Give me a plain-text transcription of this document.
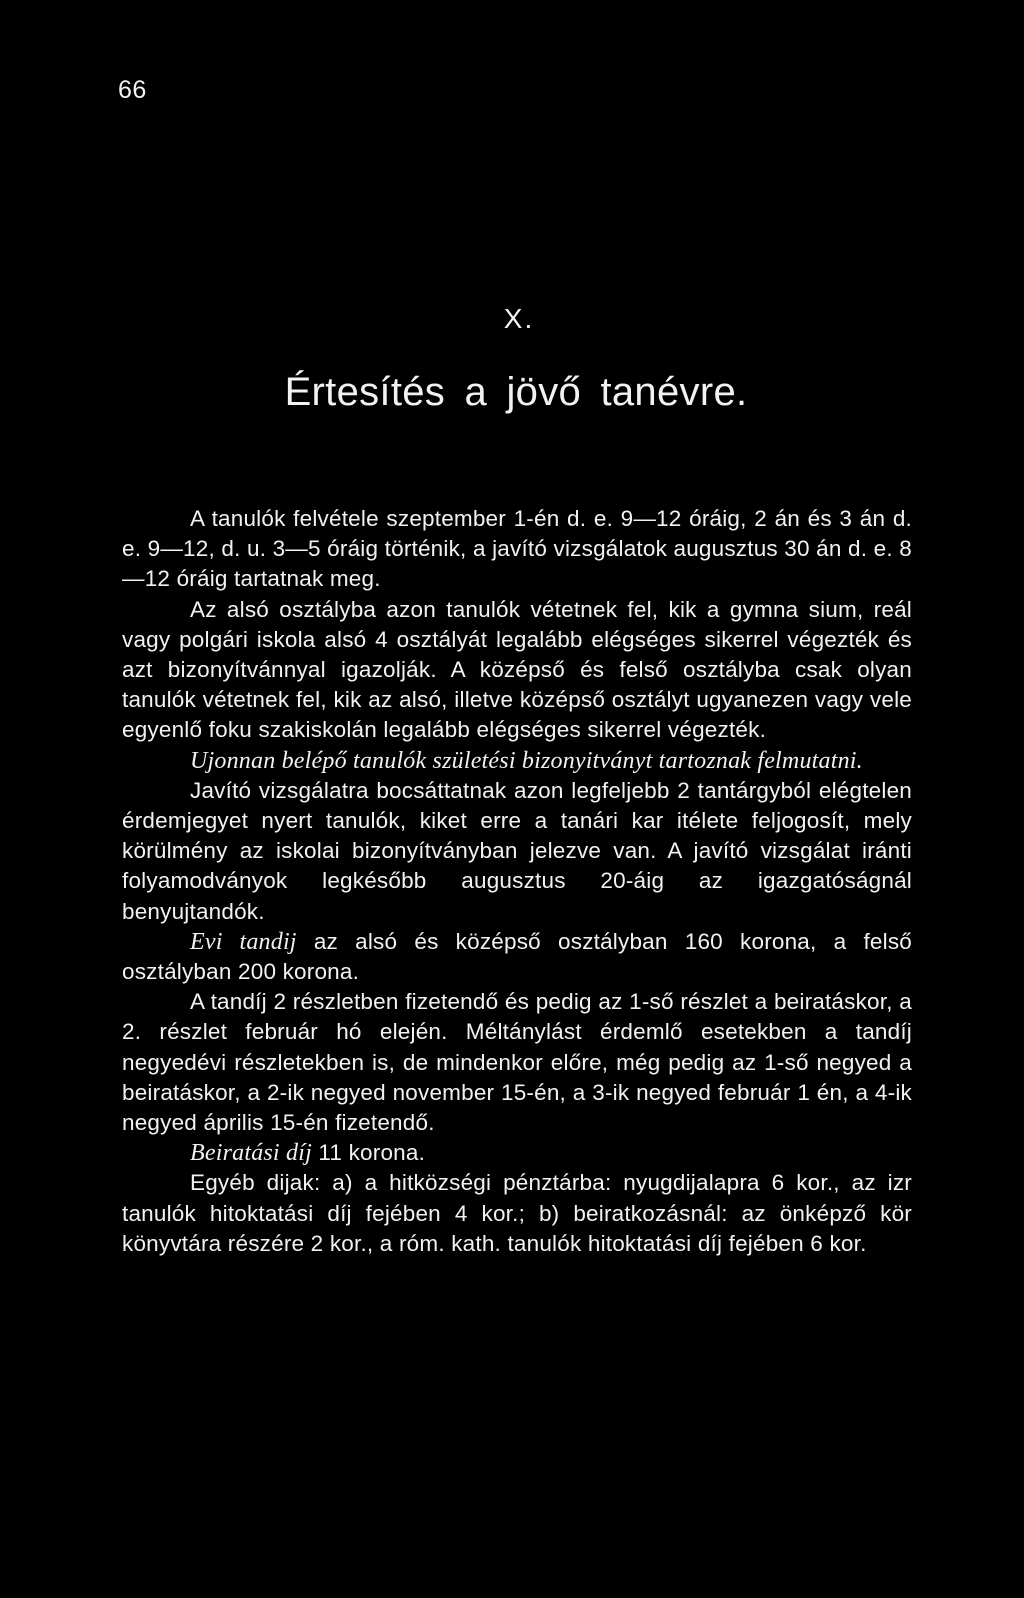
66
X.
Értesítés a jövő tanévre.

A tanulók felvétele szeptember 1-én d. e. 9—12 óráig, 2 án és 3 án d. e. 9—12, d. u. 3—5 óráig történik, a javító vizsgálatok augusztus 30 án d. e. 8—12 óráig tartatnak meg.

Az alsó osztályba azon tanulók vétetnek fel, kik a gymna sium, reál vagy polgári iskola alsó 4 osztályát legalább elégséges sikerrel végezték és azt bizonyítvánnyal igazolják. A középső és felső osztályba csak olyan tanulók vétetnek fel, kik az alsó, illetve középső osztályt ugyanezen vagy vele egyenlő foku szakiskolán legalább elégséges sikerrel végezték.

Ujonnan belépő tanulók születési bizonyitványt tartoznak felmutatni.

Javító vizsgálatra bocsáttatnak azon legfeljebb 2 tantárgyból elégtelen érdemjegyet nyert tanulók, kiket erre a tanári kar itélete feljogosít, mely körülmény az iskolai bizonyítványban jelezve van. A javító vizsgálat iránti folyamodványok legkésőbb augusztus 20-áig az igazgatóságnál benyujtandók.

Evi tandij az alsó és középső osztályban 160 korona, a felső osztályban 200 korona.

A tandíj 2 részletben fizetendő és pedig az 1-ső részlet a beiratáskor, a 2. részlet február hó elején. Méltánylást érdemlő esetekben a tandíj negyedévi részletekben is, de mindenkor előre, még pedig az 1-ső negyed a beiratáskor, a 2-ik negyed november 15-én, a 3-ik negyed február 1 én, a 4-ik negyed április 15-én fizetendő.

Beiratási díj 11 korona.

Egyéb dijak: a) a hitközségi pénztárba: nyugdijalapra 6 kor., az izr tanulók hitoktatási díj fejében 4 kor.; b) beiratkozásnál: az önképző kör könyvtára részére 2 kor., a róm. kath. tanulók hitoktatási díj fejében 6 kor.
